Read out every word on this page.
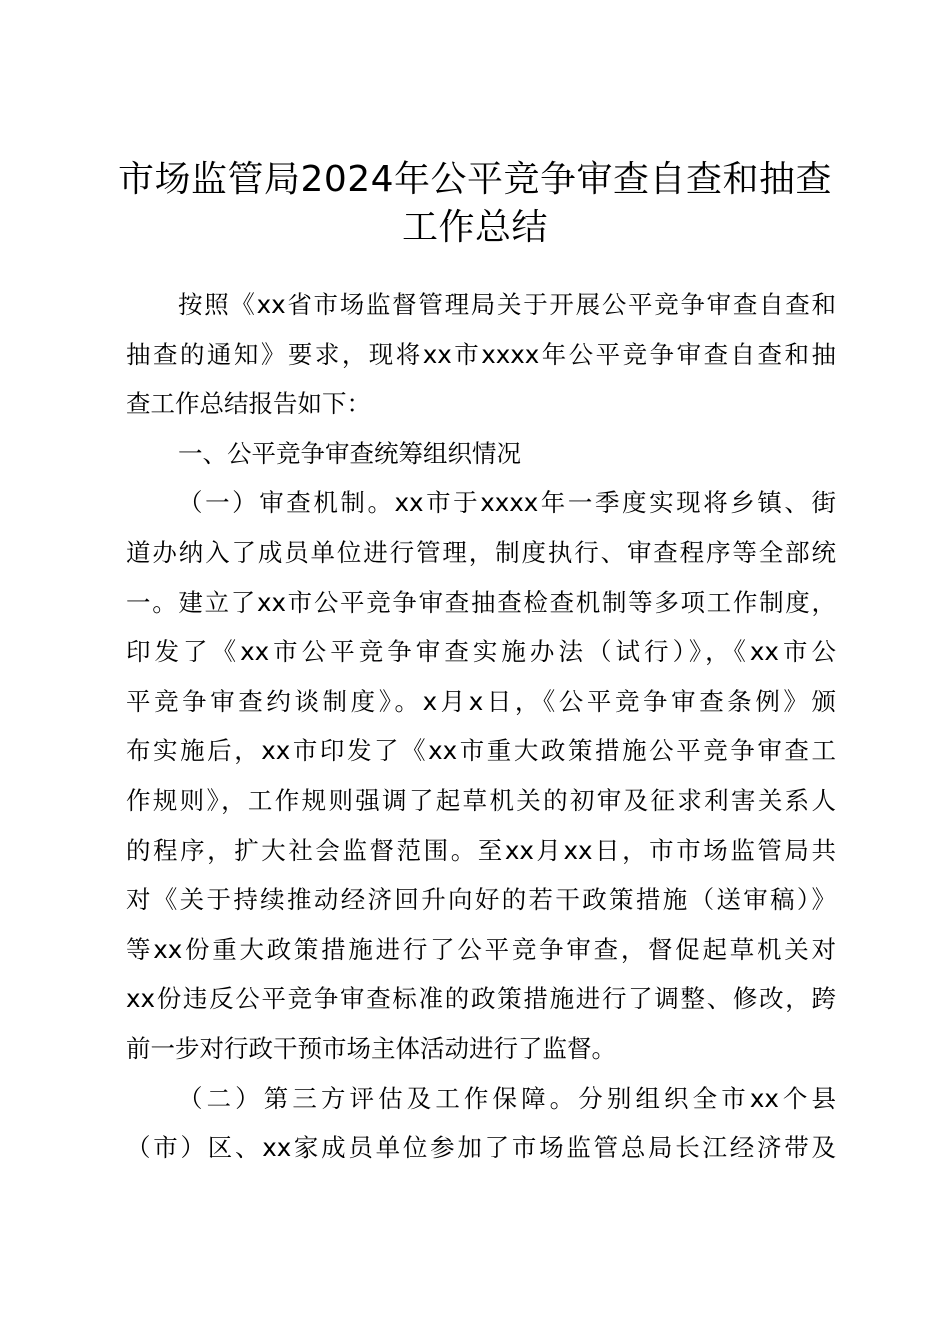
市场监管局2024年公平竞争审查自查和抽查
工作总结
按照《xx省市场监督管理局关于开展公平竞争审查自查和
抽查的通知》要求，现将xx市xxxx年公平竞争审查自查和抽
查工作总结报告如下：
一、公平竞争审查统筹组织情况
（一）审查机制。xx市于xxxx年一季度实现将乡镇、街
道办纳入了成员单位进行管理，制度执行、审查程序等全部统
一。建立了xx市公平竞争审查抽查检查机制等多项工作制度，
印发了《xx市公平竞争审查实施办法（试行）》，《xx市公
平竞争审查约谈制度》。x月x日，《公平竞争审查条例》颁
布实施后，xx市印发了《xx市重大政策措施公平竞争审查工
作规则》，工作规则强调了起草机关的初审及征求利害关系人
的程序，扩大社会监督范围。至xx月xx日，市市场监管局共
对《关于持续推动经济回升向好的若干政策措施（送审稿）》
等xx份重大政策措施进行了公平竞争审查，督促起草机关对
xx份违反公平竞争审查标准的政策措施进行了调整、修改，跨
前一步对行政干预市场主体活动进行了监督。
（二）第三方评估及工作保障。分别组织全市xx个县
（市）区、xx家成员单位参加了市场监管总局长江经济带及
